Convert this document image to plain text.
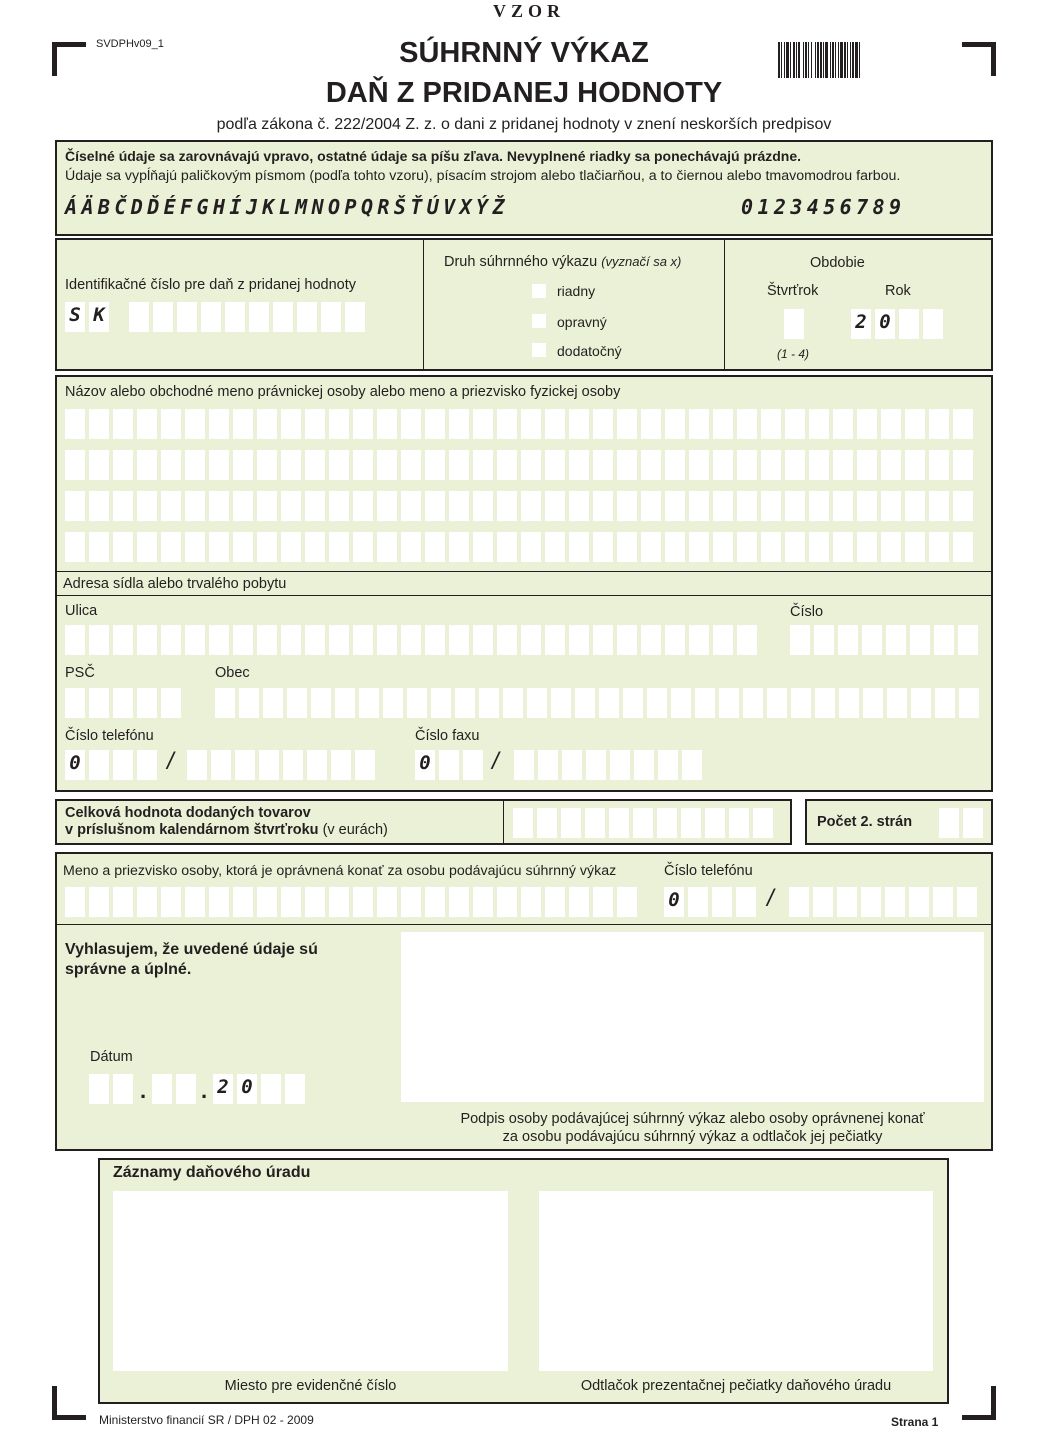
VZOR
SVDPHv09_1	SÚHRNNÝ VÝKAZ
DAŇ Z PRIDANEJ HODNOTY
podľa zákona č. 222/2004 Z. z. o dani z pridanej hodnoty v znení neskorších predpisov
Číselné údaje sa zarovnávajú vpravo, ostatné údaje sa píšu zľava. Nevyplnené riadky sa ponechávajú prázdne.
Údaje sa vypĺňajú paličkovým písmom (podľa tohto vzoru), písacím strojom alebo tlačiarňou, a to čiernou alebo tmavomodrou farbou.
ÁÄBČDĎÉFGHÍJKLMNOPQRŠŤÚVXÝŽ	0123456789
Identifikačné číslo pre daň z pridanej hodnoty
S K
Druh súhrnného výkazu (vyznačí sa x)
riadny
opravný
dodatočný
Obdobie
Štvrťrok	Rok
(1 - 4)
2 0
Názov alebo obchodné meno právnickej osoby alebo meno a priezvisko fyzickej osoby
Adresa sídla alebo trvalého pobytu
Ulica	Číslo
PSČ	Obec
Číslo telefónu	Číslo faxu
0	/	0	/
Celková hodnota dodaných tovarov
v príslušnom kalendárnom štvrťroku (v eurách)	Počet 2. strán
Meno a priezvisko osoby, ktorá je oprávnená konať za osobu podávajúcu súhrnný výkaz	Číslo telefónu
0	/
Vyhlasujem, že uvedené údaje sú
správne a úplné.
Dátum
. . 2 0
Podpis osoby podávajúcej súhrnný výkaz alebo osoby oprávnenej konať
za osobu podávajúcu súhrnný výkaz a odtlačok jej pečiatky
Záznamy daňového úradu
Miesto pre evidenčné číslo	Odtlačok prezentačnej pečiatky daňového úradu
Ministerstvo financií SR / DPH 02 - 2009	Strana 1
